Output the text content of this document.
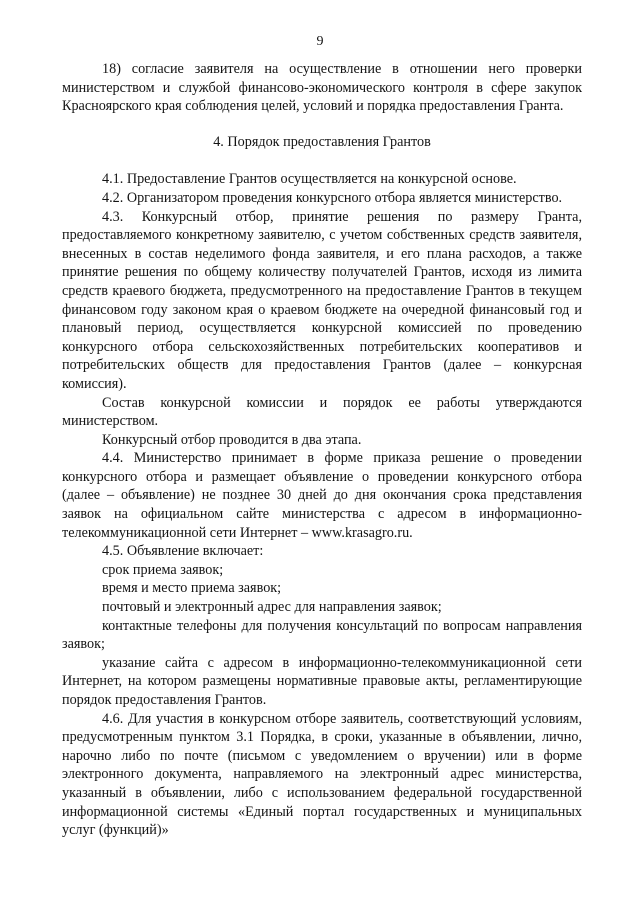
9

18) согласие заявителя на осуществление в отношении него проверки министерством и службой финансово-экономического контроля в сфере закупок Красноярского края соблюдения целей, условий и порядка предоставления Гранта.

4. Порядок предоставления Грантов

4.1. Предоставление Грантов осуществляется на конкурсной основе.

4.2. Организатором проведения конкурсного отбора является министерство.

4.3. Конкурсный отбор, принятие решения по размеру Гранта, предоставляемого конкретному заявителю, с учетом собственных средств заявителя, внесенных в состав неделимого фонда заявителя, и его плана расходов, а также принятие решения по общему количеству получателей Грантов, исходя из лимита средств краевого бюджета, предусмотренного на предоставление Грантов в текущем финансовом году законом края о краевом бюджете на очередной финансовый год и плановый период, осуществляется конкурсной комиссией по проведению конкурсного отбора сельскохозяйственных потребительских кооперативов и потребительских обществ для предоставления Грантов (далее – конкурсная комиссия).

Состав конкурсной комиссии и порядок ее работы утверждаются министерством.

Конкурсный отбор проводится в два этапа.

4.4. Министерство принимает в форме приказа решение о проведении конкурсного отбора и размещает объявление о проведении конкурсного отбора (далее – объявление) не позднее 30 дней до дня окончания срока представления заявок на официальном сайте министерства с адресом в информационно-телекоммуникационной сети Интернет – www.krasagro.ru.

4.5. Объявление включает:

срок приема заявок;

время и место приема заявок;

почтовый и электронный адрес для направления заявок;

контактные телефоны для получения консультаций по вопросам направления заявок;

указание сайта с адресом в информационно-телекоммуникационной сети Интернет, на котором размещены нормативные правовые акты, регламентирующие порядок предоставления Грантов.

4.6. Для участия в конкурсном отборе заявитель, соответствующий условиям, предусмотренным пунктом 3.1 Порядка, в сроки, указанные в объявлении, лично, нарочно либо по почте (письмом с уведомлением о вручении) или в форме электронного документа, направляемого на электронный адрес министерства, указанный в объявлении, либо с использованием федеральной государственной информационной системы «Единый портал государственных и муниципальных услуг (функций)»
